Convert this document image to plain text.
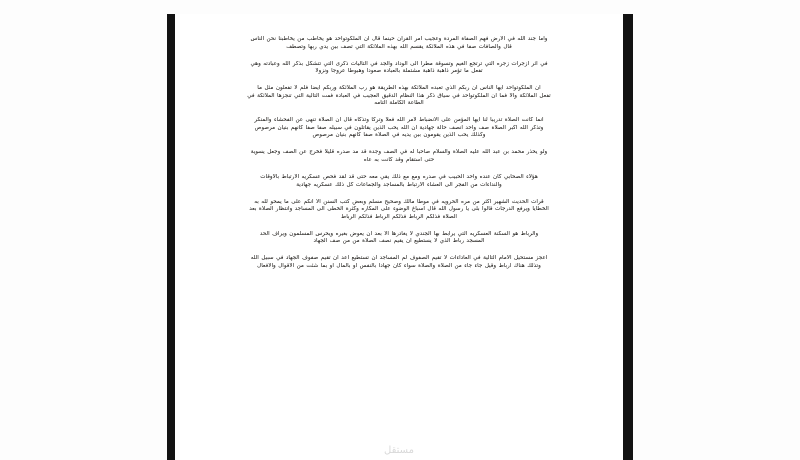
واما جند الله في الارض فهم الصفاة المردة وعجيب امر القران حينما قال ان الملكوتواحد هو يخاطب من يخاطبنا نحن الناس
قال والصافات صفا في هذه الملائكة يقسم الله بهذه الملائكة التي تصف بين يدي ربها وتصطف

في اثر ازجرات زجره التي ترتجع الغيم وتسوقة مطرا الى الوداد والجد في التاليات ذكرى التي تتشكل بذكر الله وعبادته وهي
تفعل ما تؤمر ذاهبة ذاهبة مشتملة بالعبادة صعودا وهبوطا عروجا ونزولا

ان الملكوتواحد ايها الناس ان ربكم الذي تعبده الملائكة بهذه الطريقة هو رب الملائكة وربكم ايضا فلم لا تفعلون مثل ما
تفعل الملائكة والا فما ان الملكوتواحد في سياق ذكر هذا النظام الدقيق العجيب في العبادة فمت التالية التي تنجزها الملائكة في
الطاعة الكاملة التامه

انما كانت الصلاة تدريبا لنا ايها المؤمن على الانضباط لامر الله فعلا وتركا وتذكاه قال ان الصلاة تنهى عن الفحشاء والمنكر
وتذكر الله اكبر الصلاة صف واحد انصف حالة جهادية ان الله يحب الذين يقاتلون في سبيله صفا صفا كانهم بنيان مرصوص
وكذلك يحب الذين يقومون بين يديه في الصلاة صفا كانهم بنيان مرصوص

ولو يحذر محمد بن عبد الله عليه الصلاة والسلام صاحبا له في الصف وجدة قد مد صدره قليلا فخرج عن الصف وجعل يسوية
حتى استقام وقد كانت به عاه

هؤلاء الصحابي كان عنده واحد الحبيب في صدره ومع مع ذلك يقي معه حتى قد لقد فحص عسكريه الارتباط بالاوقات
والنداءات من الفجر الى العشاء الارتباط بالمساجد والجماعات كل ذلك عسكريه جهادية

قرات الحديث الشهير اكثر من مره الحرويه في موطا مالك وصحيح مسلم وبعض كتب السنن الا انكم على ما يمحو لله به
الخطايا ويرفع الدرجات قالوا بلى يا رسول الله قال اسباغ الوضوء على المكاره وكثرة الخطى الى المساجد وانتظار الصلاة بعد
الصلاة فذلكم الرباط فذلكم الرباط فذلكم الرباط

والرباط هو السكنة العسكريه التي يرابط بها الجندي لا يغادرها الا بعد ان يعوض بغيره ويحرس المسلمون ويرأف الحد
المسجد رباط الذي لا يستطيع ان يقيم نصف الصلاة من من صف الجهاد

اعجز مستحيل الامام التالية في العاداءات لا تقيم الصفوف لم المساجد ان تستطيع اعد ان تقيم صفوف الجهاد في سبيل الله
وتذلك هناك ارباط وقيل جاء جاء من الصلاة والصلاة سواء كان جهادا بالنفس او بالمال او بما شئت من الاقوال والافعال

مستقل
